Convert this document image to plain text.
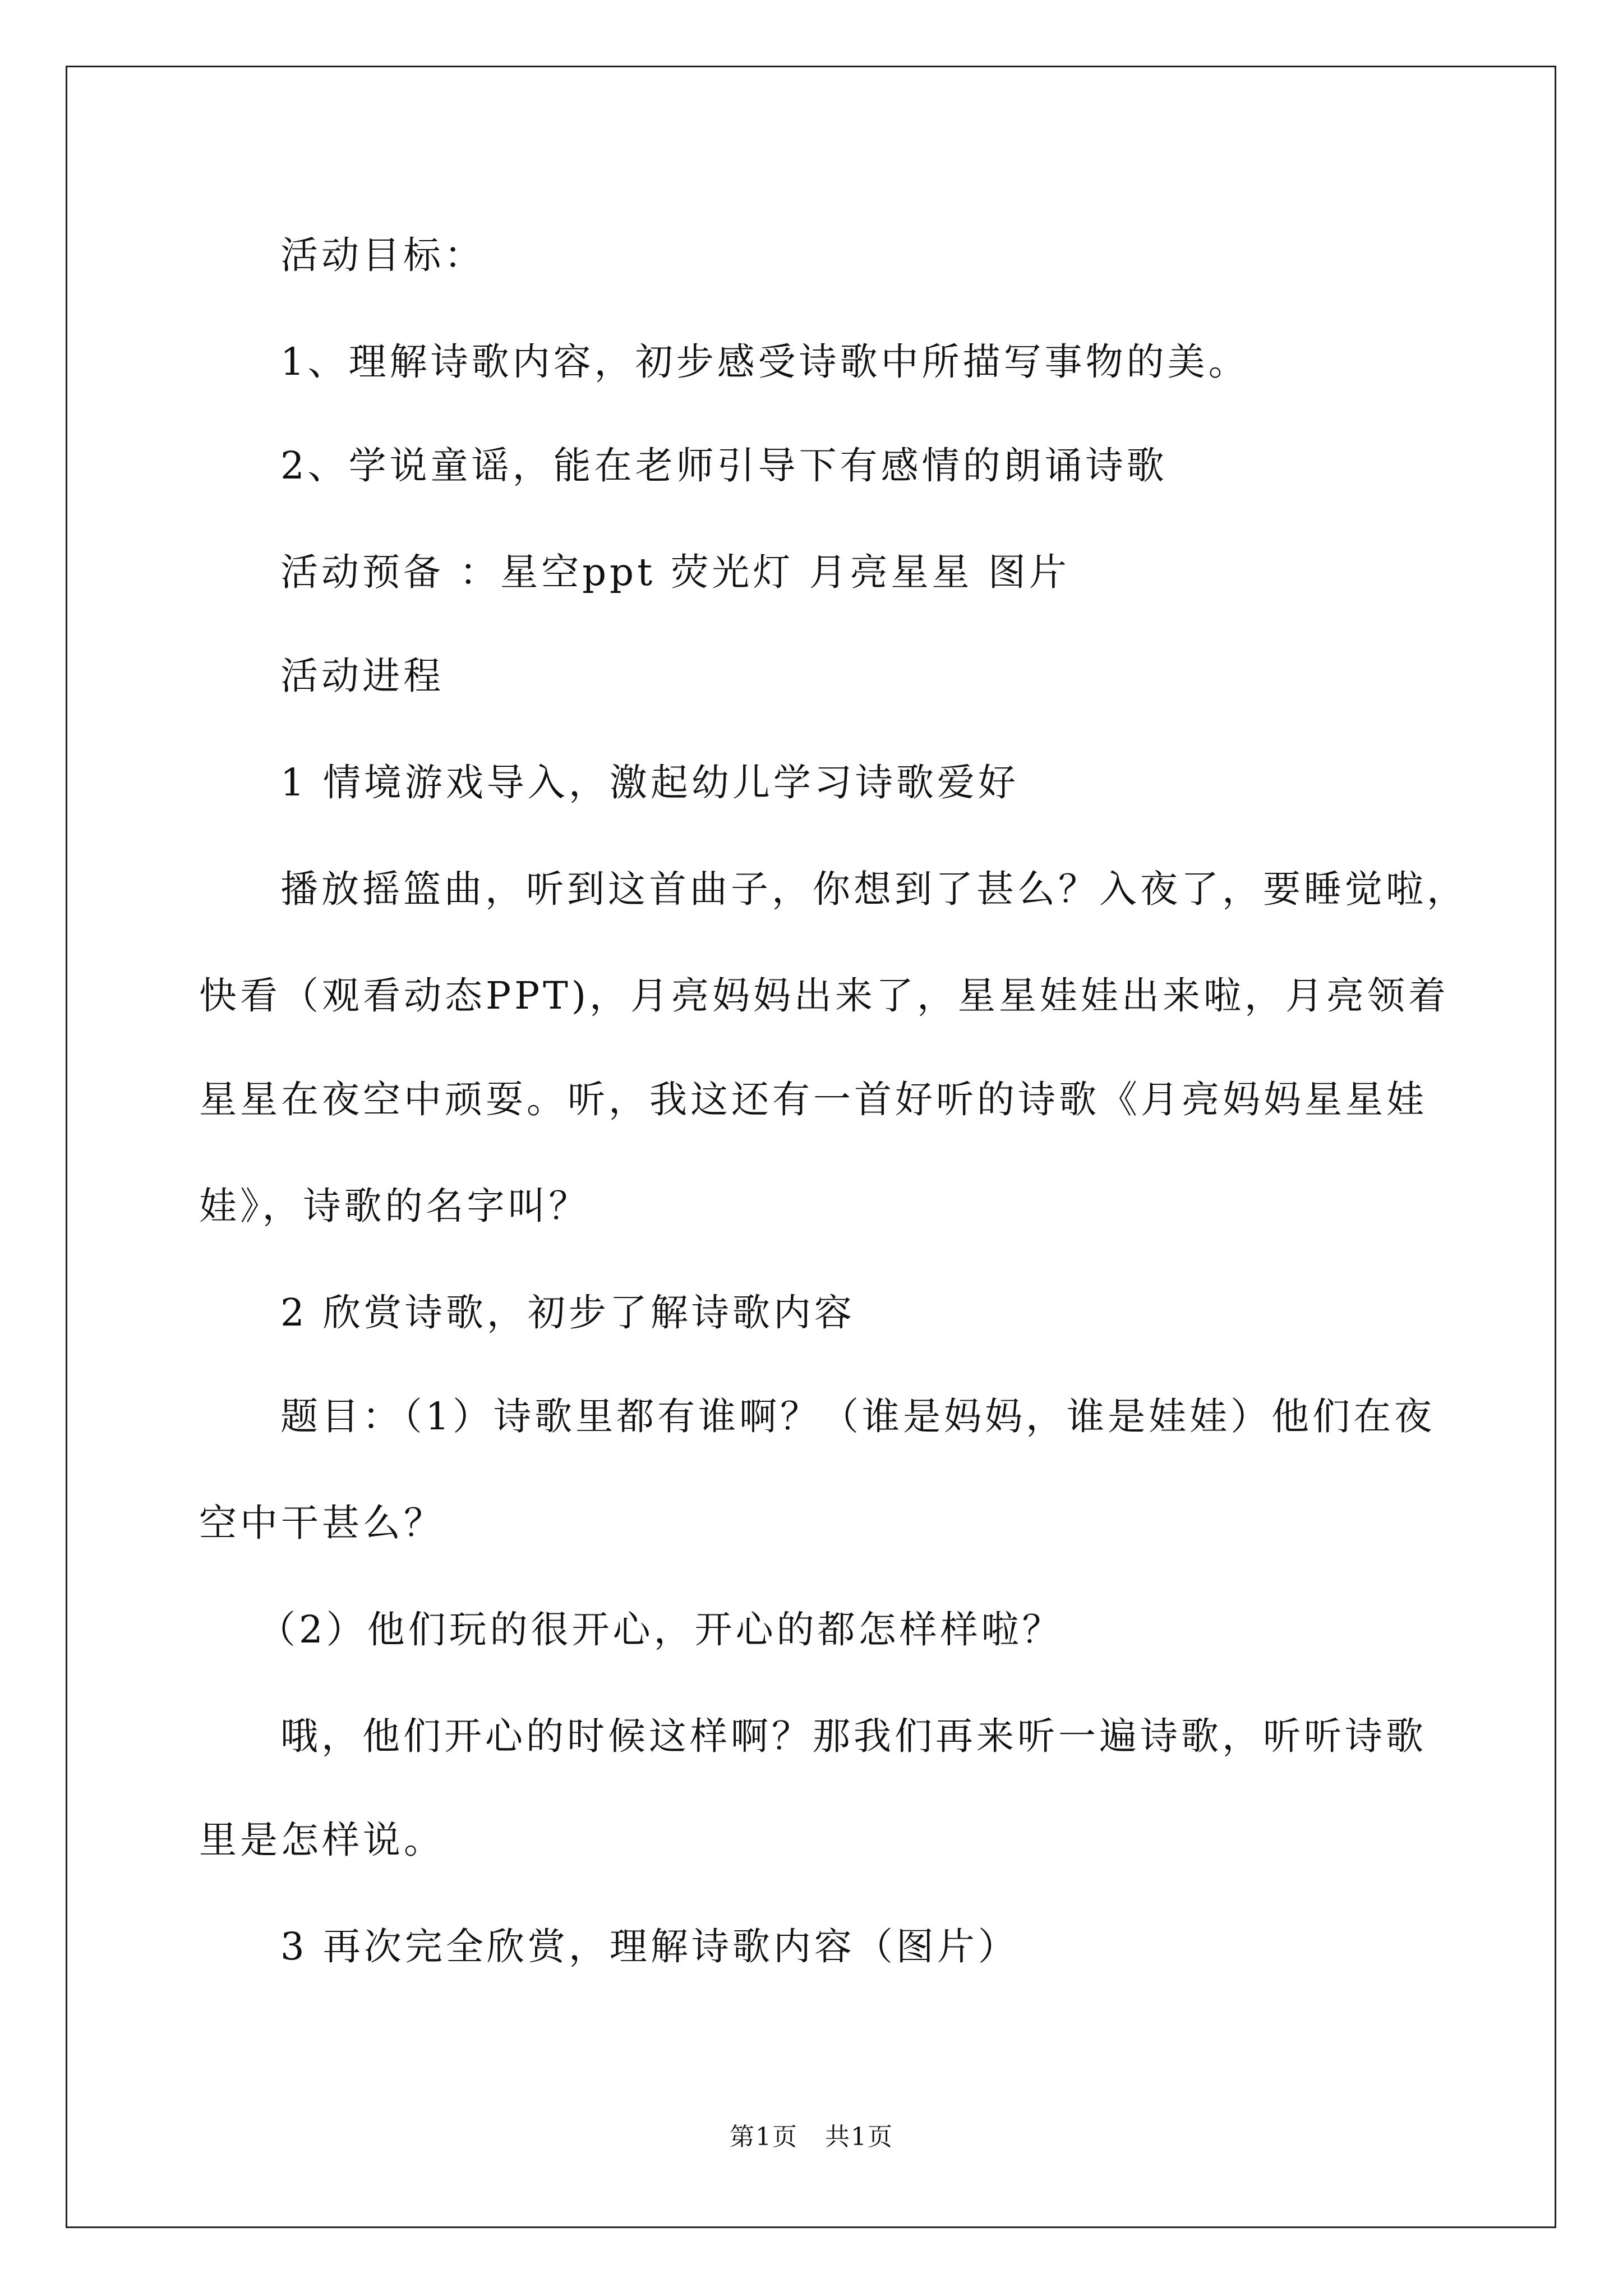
活动目标：
1、理解诗歌内容，初步感受诗歌中所描写事物的美。
2、学说童谣，能在老师引导下有感情的朗诵诗歌
活动预备 ：星空ppt 荧光灯 月亮星星 图片
活动进程
1 情境游戏导入，激起幼儿学习诗歌爱好
播放摇篮曲，听到这首曲子，你想到了甚么？入夜了，要睡觉啦，
快看（观看动态PPT)，月亮妈妈出来了，星星娃娃出来啦，月亮领着
星星在夜空中顽耍。听，我这还有一首好听的诗歌《月亮妈妈星星娃
娃》，诗歌的名字叫？
2 欣赏诗歌，初步了解诗歌内容
题目：（1）诗歌里都有谁啊？（谁是妈妈，谁是娃娃）他们在夜
空中干甚么？
（2）他们玩的很开心，开心的都怎样样啦？
哦，他们开心的时候这样啊？那我们再来听一遍诗歌，听听诗歌
里是怎样说。
3 再次完全欣赏，理解诗歌内容（图片）
第1页 共1页
